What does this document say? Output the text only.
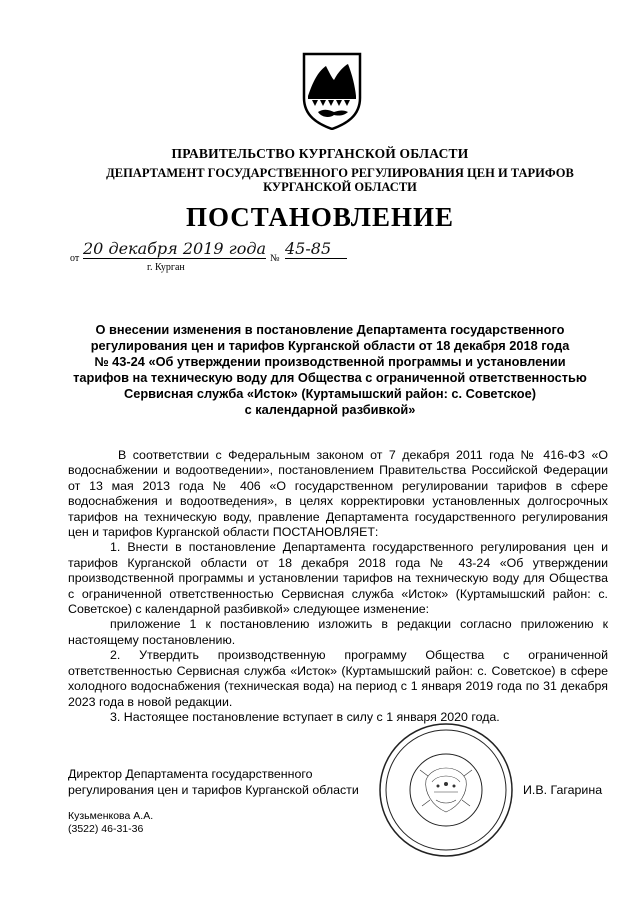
ПРАВИТЕЛЬСТВО КУРГАНСКОЙ ОБЛАСТИ
ДЕПАРТАМЕНТ ГОСУДАРСТВЕННОГО РЕГУЛИРОВАНИЯ ЦЕН И ТАРИФОВ
КУРГАНСКОЙ ОБЛАСТИ
ПОСТАНОВЛЕНИЕ
от
20 декабря 2019 года
№
45-85
г. Курган
О внесении изменения в постановление Департамента государственного
регулирования цен и тарифов Курганской области от 18 декабря 2018 года
№ 43-24 «Об утверждении производственной программы и установлении
тарифов на техническую воду для Общества с ограниченной ответственностью
Сервисная служба «Исток» (Куртамышский район: с. Советское)
с календарной разбивкой»

В соответствии с Федеральным законом от 7 декабря 2011 года № 416-ФЗ «О водоснабжении и водоотведении», постановлением Правительства Российской Федерации от 13 мая 2013 года № 406 «О государственном регулировании тарифов в сфере водоснабжения и водоотведения», в целях корректировки установленных долгосрочных тарифов на техническую воду, правление Департамента государственного регулирования цен и тарифов Курганской области ПОСТАНОВЛЯЕТ:

1. Внести в постановление Департамента государственного регулирования цен и тарифов Курганской области от 18 декабря 2018 года № 43-24 «Об утверждении производственной программы и установлении тарифов на техническую воду для Общества с ограниченной ответственностью Сервисная служба «Исток» (Куртамышский район: с. Советское) с календарной разбивкой» следующее изменение:

приложение 1 к постановлению изложить в редакции согласно приложению к настоящему постановлению.

2. Утвердить производственную программу Общества с ограниченной ответственностью Сервисная служба «Исток» (Куртамышский район: с. Советское) в сфере холодного водоснабжения (техническая вода) на период с 1 января 2019 года по 31 декабря 2023 года в новой редакции.

3. Настоящее постановление вступает в силу с 1 января 2020 года.

Директор Департамента государственного
регулирования цен и тарифов Курганской области	И.В. Гагарина
Кузьменкова А.А.
(3522) 46-31-36
